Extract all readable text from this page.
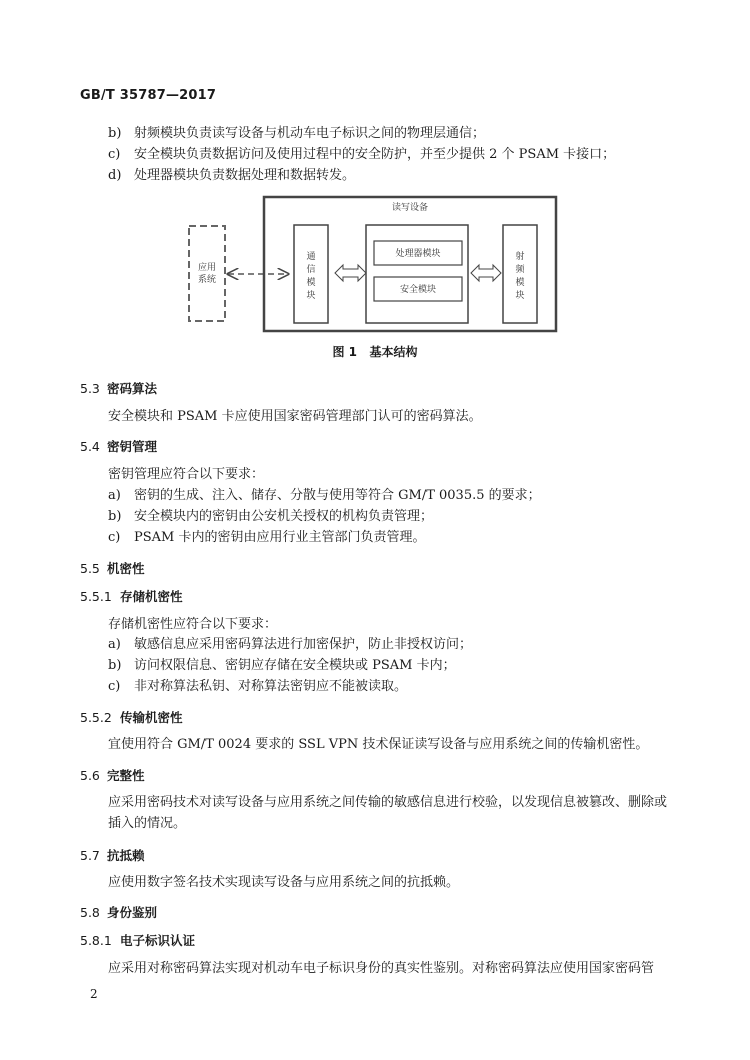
GB/T 35787—2017
b) 射频模块负责读写设备与机动车电子标识之间的物理层通信；
c) 安全模块负责数据访问及使用过程中的安全防护，并至少提供 2 个 PSAM 卡接口；
d) 处理器模块负责数据处理和数据转发。
应用系统
读写设备
通信模块
处理器模块
安全模块
射频模块
图 1 基本结构
5.3 密码算法
安全模块和 PSAM 卡应使用国家密码管理部门认可的密码算法。
5.4 密钥管理
密钥管理应符合以下要求：
a) 密钥的生成、注入、储存、分散与使用等符合 GM/T 0035.5 的要求；
b) 安全模块内的密钥由公安机关授权的机构负责管理；
c) PSAM 卡内的密钥由应用行业主管部门负责管理。
5.5 机密性
5.5.1 存储机密性
存储机密性应符合以下要求：
a) 敏感信息应采用密码算法进行加密保护，防止非授权访问；
b) 访问权限信息、密钥应存储在安全模块或 PSAM 卡内；
c) 非对称算法私钥、对称算法密钥应不能被读取。
5.5.2 传输机密性
宜使用符合 GM/T 0024 要求的 SSL VPN 技术保证读写设备与应用系统之间的传输机密性。
5.6 完整性
应采用密码技术对读写设备与应用系统之间传输的敏感信息进行校验，以发现信息被篡改、删除或插入的情况。
5.7 抗抵赖
应使用数字签名技术实现读写设备与应用系统之间的抗抵赖。
5.8 身份鉴别
5.8.1 电子标识认证
应采用对称密码算法实现对机动车电子标识身份的真实性鉴别。对称密码算法应使用国家密码管
2
